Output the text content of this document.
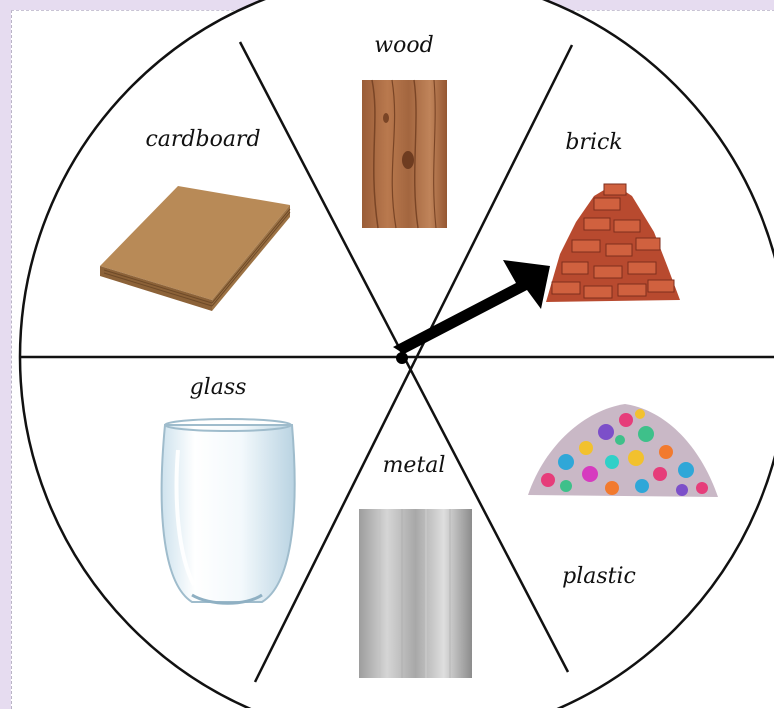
wood
brick
plastic
metal
glass
cardboard
